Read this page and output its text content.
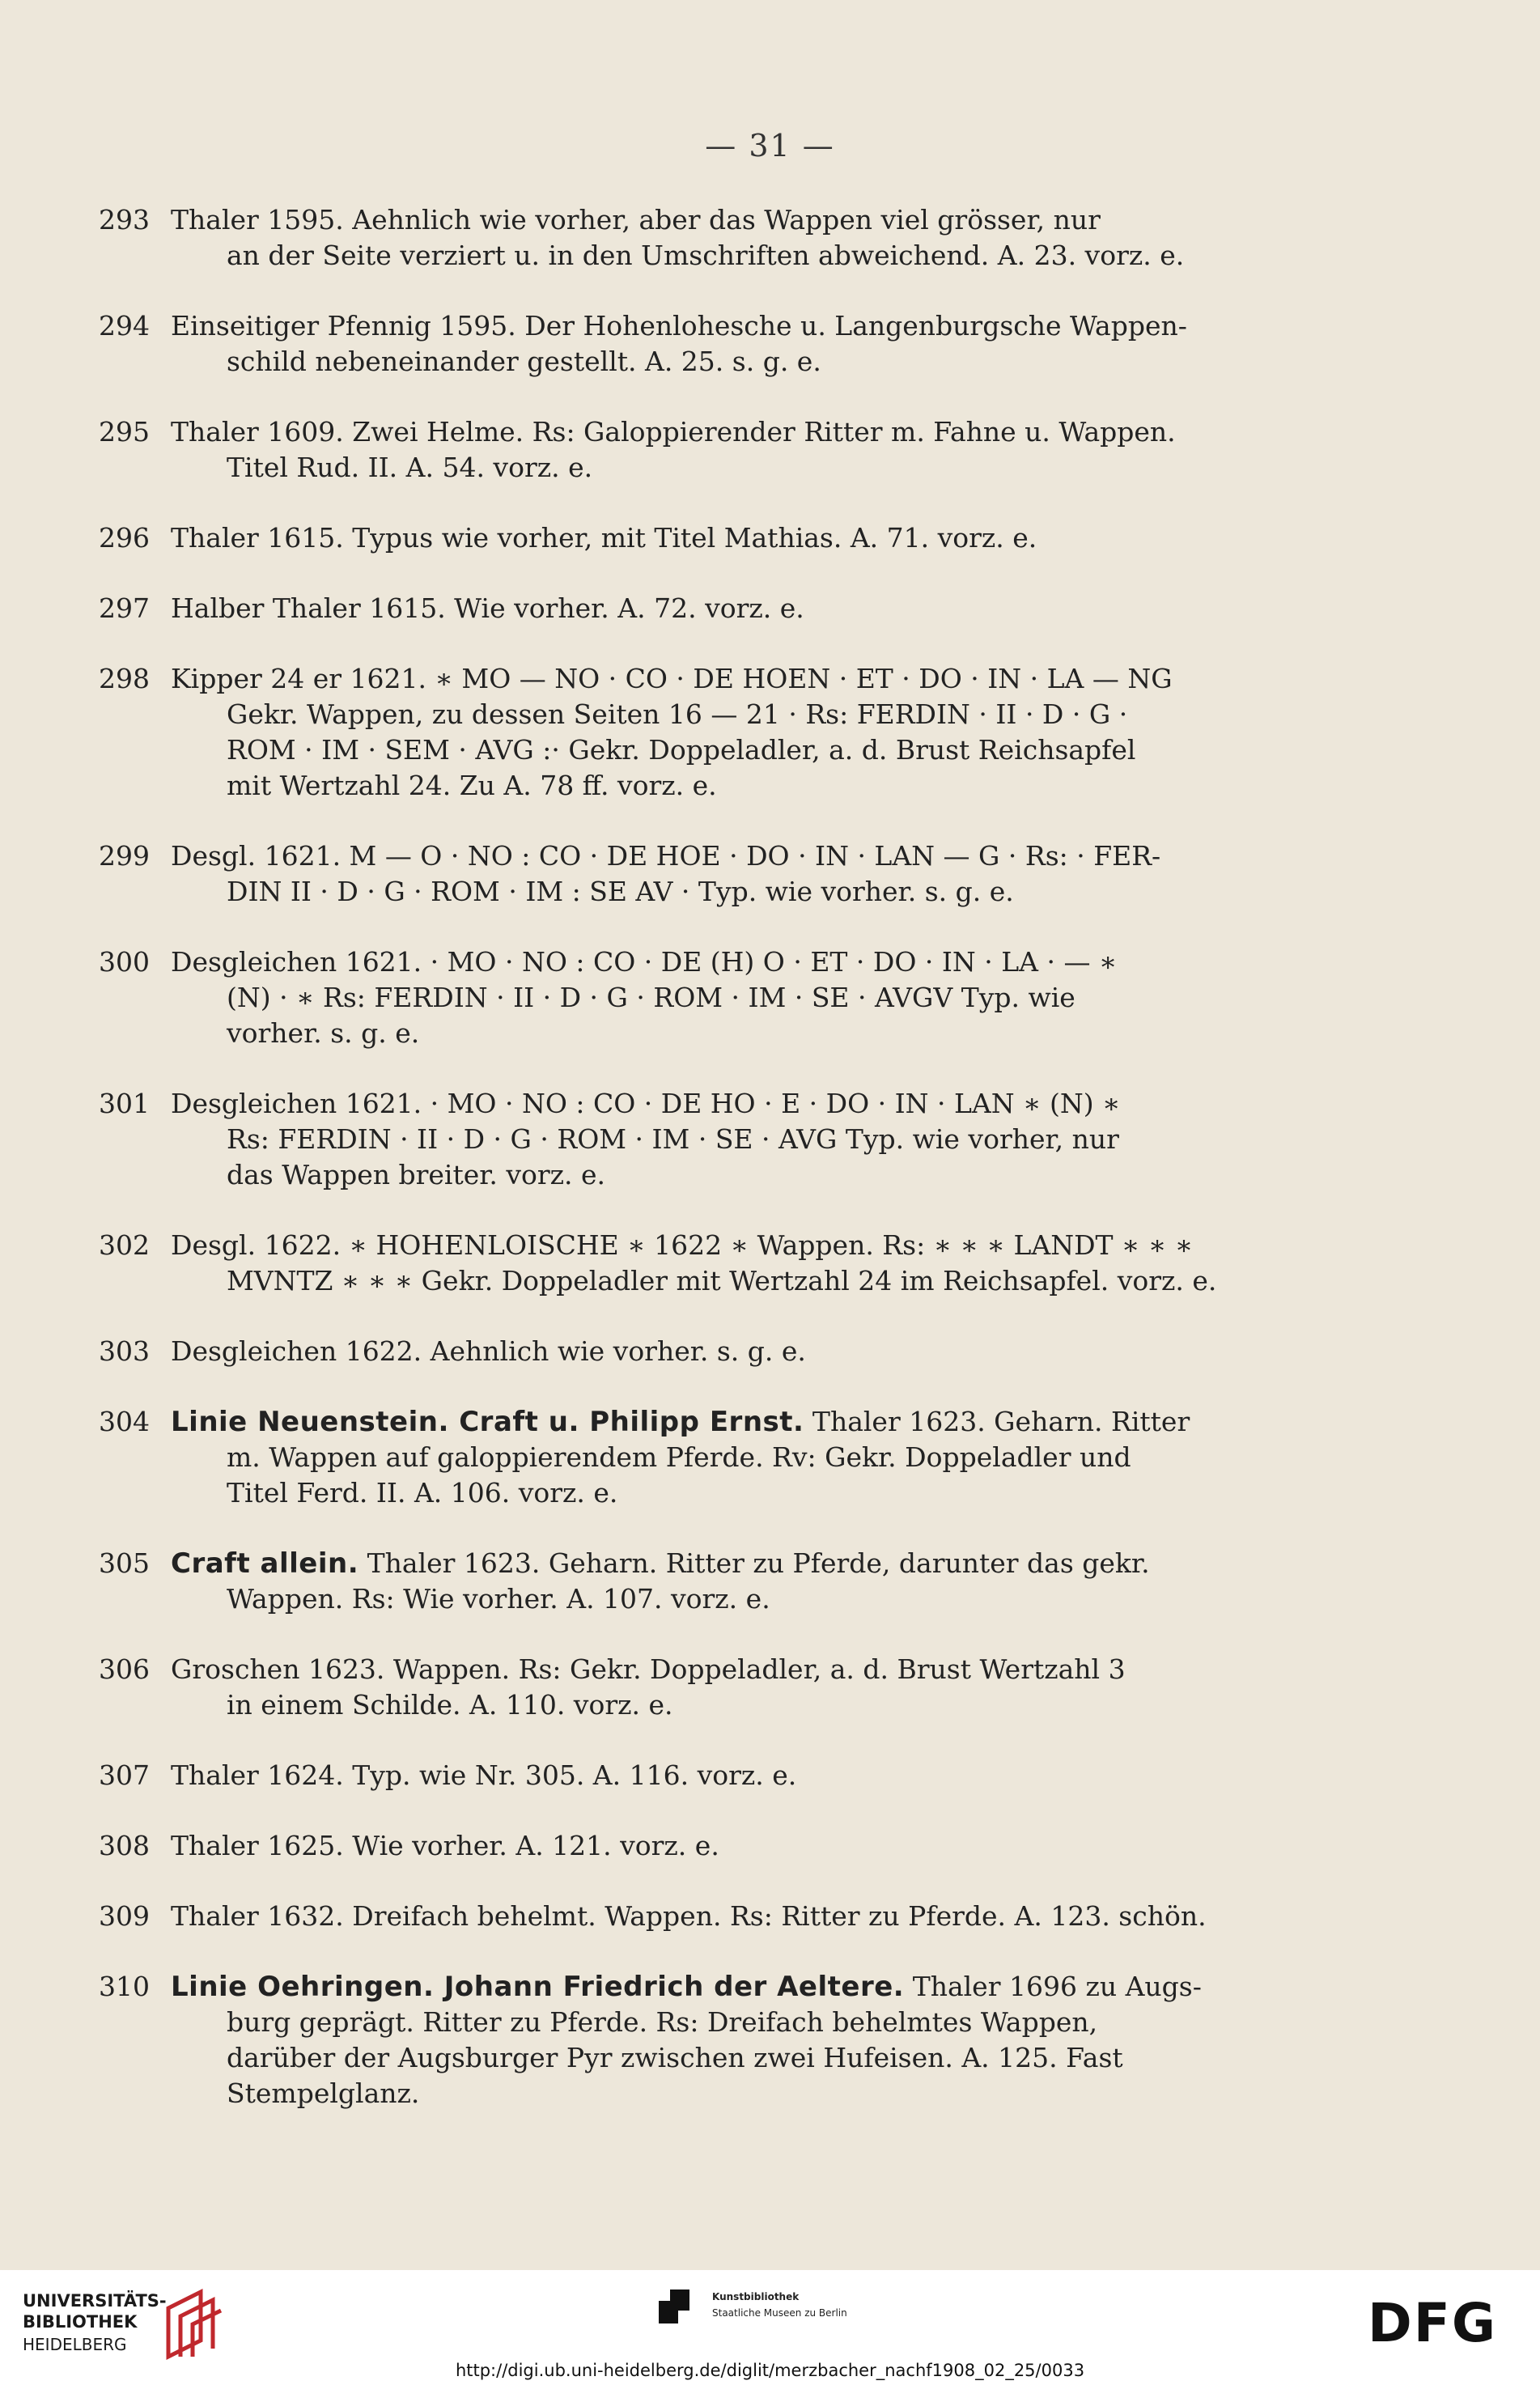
— 31 —
293 Thaler 1595. Aehnlich wie vorher, aber das Wappen viel grösser, nur
an der Seite verziert u. in den Umschriften abweichend. A. 23. vorz. e.
294 Einseitiger Pfennig 1595. Der Hohenlohesche u. Langenburgsche Wappen-
schild nebeneinander gestellt. A. 25. s. g. e.
295 Thaler 1609. Zwei Helme. Rs: Galoppierender Ritter m. Fahne u. Wappen.
Titel Rud. II. A. 54. vorz. e.
296 Thaler 1615. Typus wie vorher, mit Titel Mathias. A. 71. vorz. e.
297 Halber Thaler 1615. Wie vorher. A. 72. vorz. e.
298 Kipper 24 er 1621. ∗ MO — NO · CO · DE HOEN · ET · DO · IN · LA — NG
Gekr. Wappen, zu dessen Seiten 16 — 21 · Rs: FERDIN · II · D · G ·
ROM · IM · SEM · AVG :· Gekr. Doppeladler, a. d. Brust Reichsapfel
mit Wertzahl 24. Zu A. 78 ff. vorz. e.
299 Desgl. 1621. M — O · NO : CO · DE HOE · DO · IN · LAN — G · Rs: · FER-
DIN II · D · G · ROM · IM : SE AV · Typ. wie vorher. s. g. e.
300 Desgleichen 1621. · MO · NO : CO · DE (H) O · ET · DO · IN · LA · — ∗
(N) · ∗ Rs: FERDIN · II · D · G · ROM · IM · SE · AVGV Typ. wie
vorher. s. g. e.
301 Desgleichen 1621. · MO · NO : CO · DE HO · E · DO · IN · LAN ∗ (N) ∗
Rs: FERDIN · II · D · G · ROM · IM · SE · AVG Typ. wie vorher, nur
das Wappen breiter. vorz. e.
302 Desgl. 1622. ∗ HOHENLOISCHE ∗ 1622 ∗ Wappen. Rs: ∗ ∗ ∗ LANDT ∗ ∗ ∗
MVNTZ ∗ ∗ ∗ Gekr. Doppeladler mit Wertzahl 24 im Reichsapfel. vorz. e.
303 Desgleichen 1622. Aehnlich wie vorher. s. g. e.
304 Linie Neuenstein. Craft u. Philipp Ernst. Thaler 1623. Geharn. Ritter
m. Wappen auf galoppierendem Pferde. Rv: Gekr. Doppeladler und
Titel Ferd. II. A. 106. vorz. e.
305 Craft allein. Thaler 1623. Geharn. Ritter zu Pferde, darunter das gekr.
Wappen. Rs: Wie vorher. A. 107. vorz. e.
306 Groschen 1623. Wappen. Rs: Gekr. Doppeladler, a. d. Brust Wertzahl 3
in einem Schilde. A. 110. vorz. e.
307 Thaler 1624. Typ. wie Nr. 305. A. 116. vorz. e.
308 Thaler 1625. Wie vorher. A. 121. vorz. e.
309 Thaler 1632. Dreifach behelmt. Wappen. Rs: Ritter zu Pferde. A. 123. schön.
310 Linie Oehringen. Johann Friedrich der Aeltere. Thaler 1696 zu Augs-
burg geprägt. Ritter zu Pferde. Rs: Dreifach behelmtes Wappen,
darüber der Augsburger Pyr zwischen zwei Hufeisen. A. 125. Fast
Stempelglanz.
UNIVERSITÄTS-
BIBLIOTHEK
HEIDELBERG
Kunstbibliothek
Staatliche Museen zu Berlin	DFG
http://digi.ub.uni-heidelberg.de/diglit/merzbacher_nachf1908_02_25/0033
